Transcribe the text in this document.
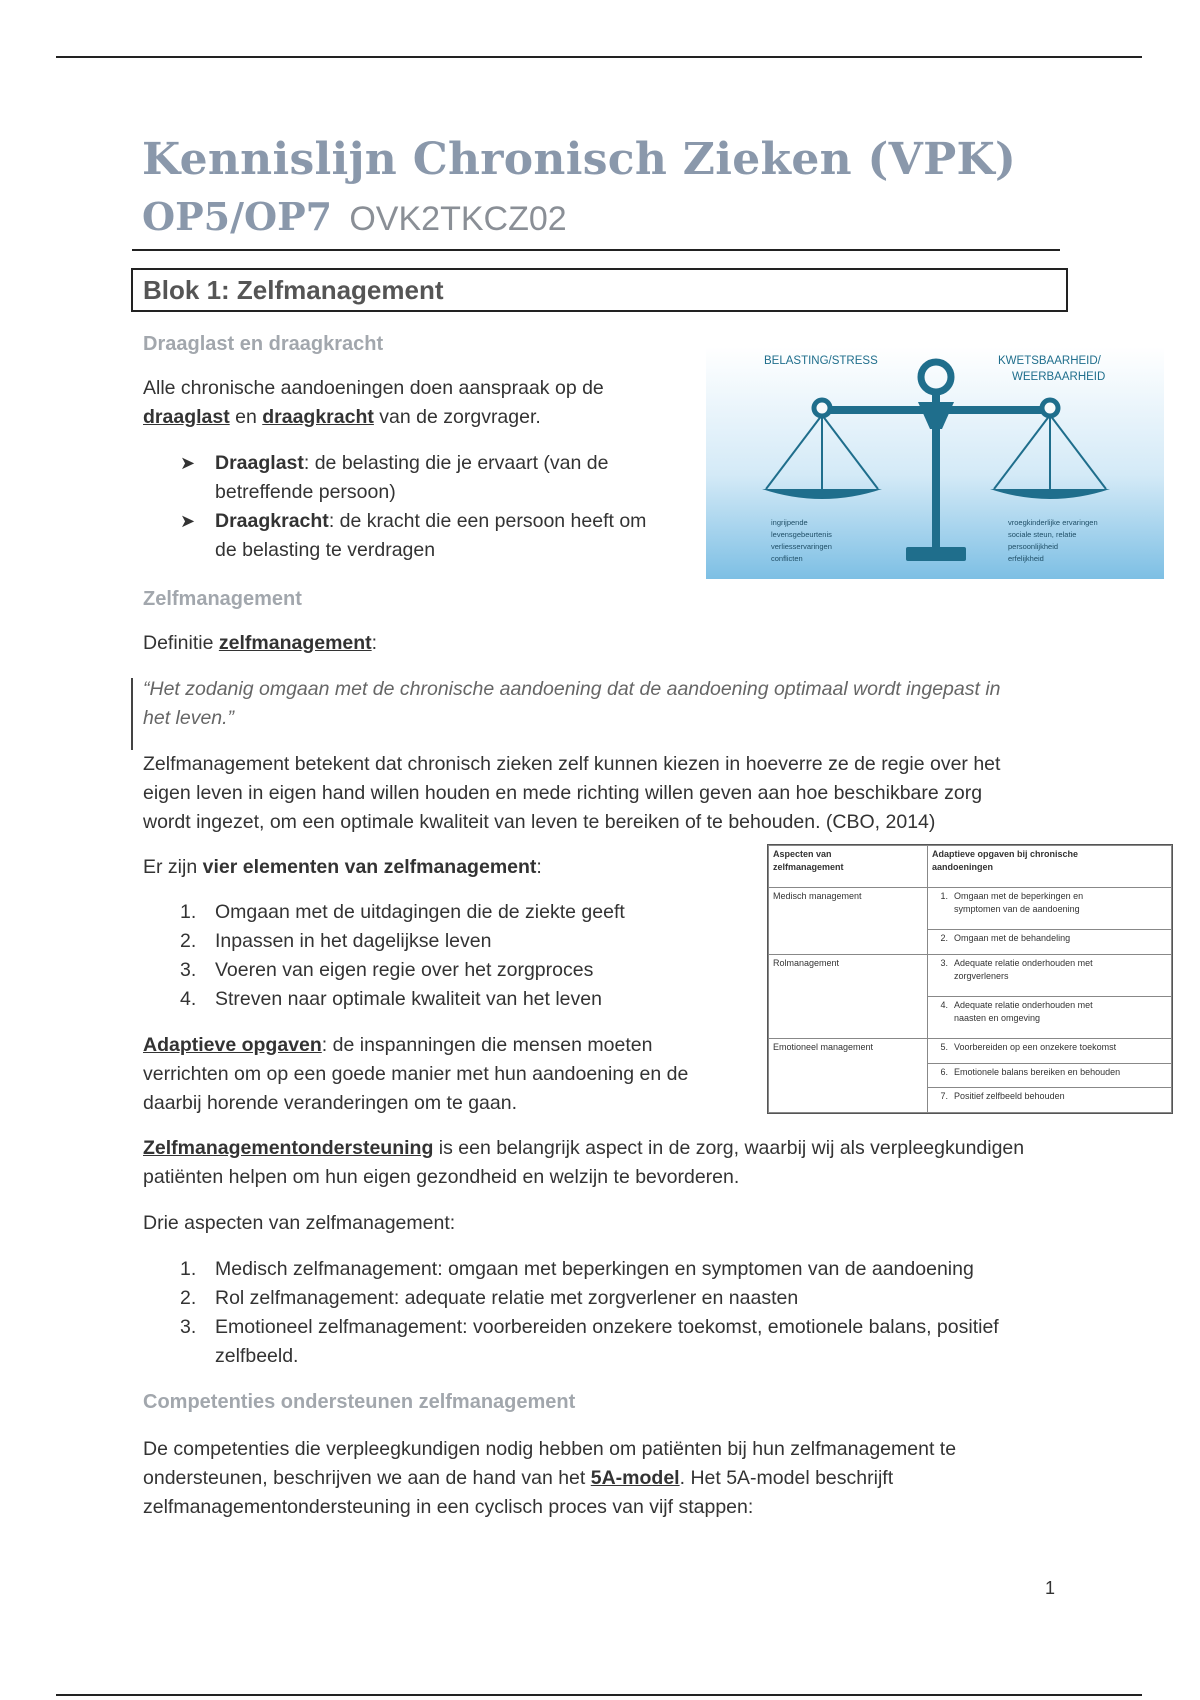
Kennislijn Chronisch Zieken (VPK)
OP5/OP7 OVK2TKCZ02
Blok 1: Zelfmanagement
Draaglast en draagkracht
Alle chronische aandoeningen doen aanspraak op de
draaglast en draagkracht van de zorgvrager.
➤	Draaglast: de belasting die je ervaart (van de
betreffende persoon)
➤	Draagkracht: de kracht die een persoon heeft om
de belasting te verdragen
BELASTING/STRESS	KWETSBAARHEID/
WEERBAARHEID
ingrijpende
levensgebeurtenis
verliesservaringen
conflicten
vroegkinderlijke ervaringen
sociale steun, relatie
persoonlijkheid
erfelijkheid
Zelfmanagement
Definitie zelfmanagement:
“Het zodanig omgaan met de chronische aandoening dat de aandoening optimaal wordt ingepast in
het leven.”
Zelfmanagement betekent dat chronisch zieken zelf kunnen kiezen in hoeverre ze de regie over het
eigen leven in eigen hand willen houden en mede richting willen geven aan hoe beschikbare zorg
wordt ingezet, om een optimale kwaliteit van leven te bereiken of te behouden. (CBO, 2014)
Er zijn vier elementen van zelfmanagement:
1. Omgaan met de uitdagingen die de ziekte geeft
2. Inpassen in het dagelijkse leven
3. Voeren van eigen regie over het zorgproces
4. Streven naar optimale kwaliteit van het leven
Adaptieve opgaven: de inspanningen die mensen moeten
verrichten om op een goede manier met hun aandoening en de
daarbij horende veranderingen om te gaan.
Aspecten van
zelfmanagement	Adaptieve opgaven bij chronische
aandoeningen
Medisch management	1. Omgaan met de beperkingen en
symptomen van de aandoening
	2. Omgaan met de behandeling
Rolmanagement	3. Adequate relatie onderhouden met
zorgverleners
	4. Adequate relatie onderhouden met
naasten en omgeving
Emotioneel management	5. Voorbereiden op een onzekere toekomst
	6. Emotionele balans bereiken en behouden
	7. Positief zelfbeeld behouden
Zelfmanagementondersteuning is een belangrijk aspect in de zorg, waarbij wij als verpleegkundigen
patiënten helpen om hun eigen gezondheid en welzijn te bevorderen.
Drie aspecten van zelfmanagement:
1. Medisch zelfmanagement: omgaan met beperkingen en symptomen van de aandoening
2. Rol zelfmanagement: adequate relatie met zorgverlener en naasten
3. Emotioneel zelfmanagement: voorbereiden onzekere toekomst, emotionele balans, positief
zelfbeeld.
Competenties ondersteunen zelfmanagement
De competenties die verpleegkundigen nodig hebben om patiënten bij hun zelfmanagement te
ondersteunen, beschrijven we aan de hand van het 5A-model. Het 5A-model beschrijft
zelfmanagementondersteuning in een cyclisch proces van vijf stappen:
1
